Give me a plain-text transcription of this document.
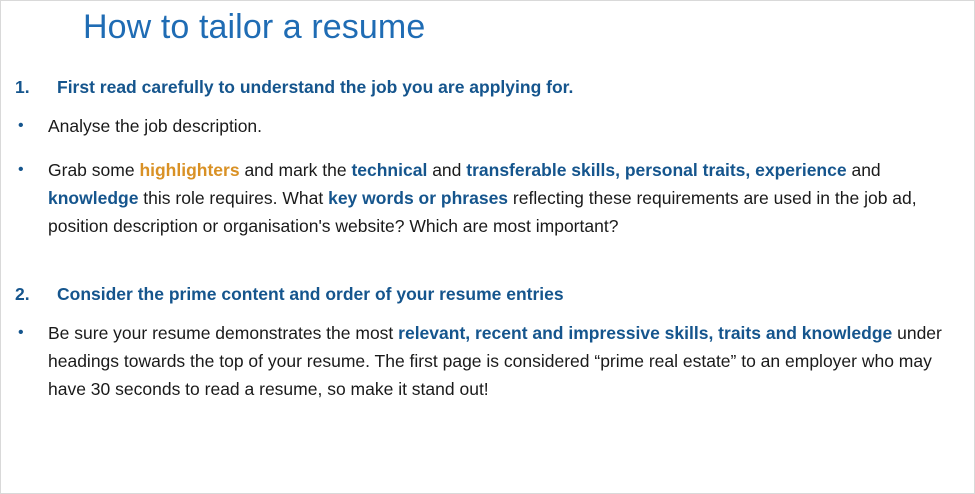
How to tailor a resume
1.	First read carefully to understand the job you are applying for.
•	Analyse the job description.
•	Grab some highlighters and mark the technical and transferable skills, personal traits, experience and knowledge this role requires. What key words or phrases reflecting these requirements are used in the job ad, position description or organisation's website? Which are most important?
2.	Consider the prime content and order of your resume entries
•	Be sure your resume demonstrates the most relevant, recent and impressive skills, traits and knowledge under headings towards the top of your resume. The first page is considered “prime real estate” to an employer who may have 30 seconds to read a resume, so make it stand out!
